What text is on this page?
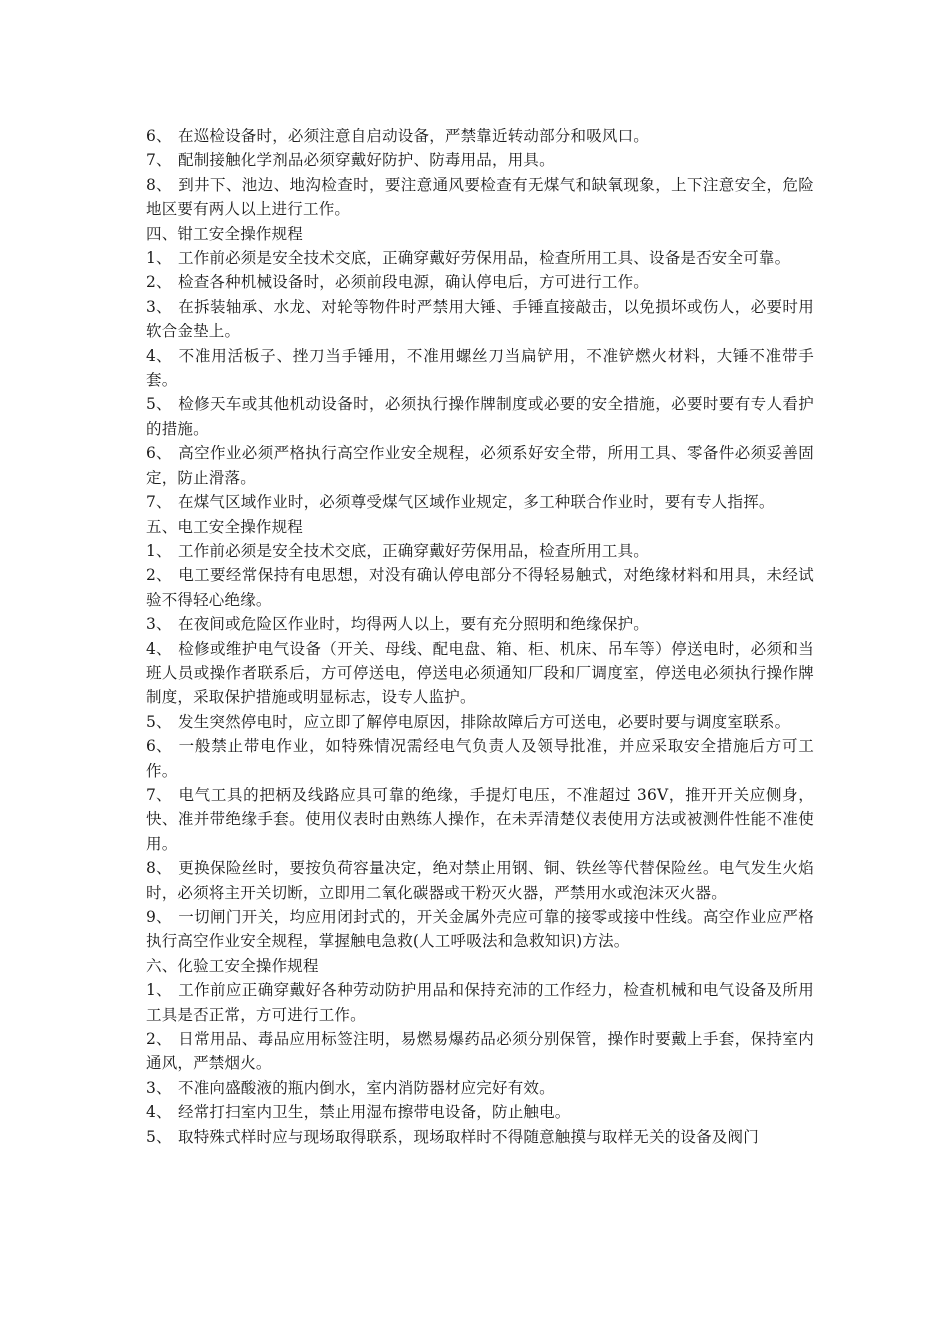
6、 在巡检设备时，必须注意自启动设备，严禁靠近转动部分和吸风口。
7、 配制接触化学剂品必须穿戴好防护、防毒用品，用具。
8、 到井下、池边、地沟检查时，要注意通风要检查有无煤气和缺氧现象，上下注意安全，危险地区要有两人以上进行工作。
四、钳工安全操作规程
1、 工作前必须是安全技术交底，正确穿戴好劳保用品，检查所用工具、设备是否安全可靠。
2、 检查各种机械设备时，必须前段电源，确认停电后，方可进行工作。
3、 在拆装轴承、水龙、对轮等物件时严禁用大锤、手锤直接敲击，以免损坏或伤人，必要时用软合金垫上。
4、 不准用活板子、挫刀当手锤用，不准用螺丝刀当扁铲用，不准铲燃火材料，大锤不准带手套。
5、 检修天车或其他机动设备时，必须执行操作牌制度或必要的安全措施，必要时要有专人看护的措施。
6、 高空作业必须严格执行高空作业安全规程，必须系好安全带，所用工具、零备件必须妥善固定，防止滑落。
7、 在煤气区域作业时，必须尊受煤气区域作业规定，多工种联合作业时，要有专人指挥。
五、电工安全操作规程
1、 工作前必须是安全技术交底，正确穿戴好劳保用品，检查所用工具。
2、 电工要经常保持有电思想，对没有确认停电部分不得轻易触式，对绝缘材料和用具，未经试验不得轻心绝缘。
3、 在夜间或危险区作业时，均得两人以上，要有充分照明和绝缘保护。
4、 检修或维护电气设备（开关、母线、配电盘、箱、柜、机床、吊车等）停送电时，必须和当班人员或操作者联系后，方可停送电，停送电必须通知厂段和厂调度室，停送电必须执行操作牌制度，采取保护措施或明显标志，设专人监护。
5、 发生突然停电时，应立即了解停电原因，排除故障后方可送电，必要时要与调度室联系。
6、 一般禁止带电作业，如特殊情况需经电气负责人及领导批准，并应采取安全措施后方可工作。
7、 电气工具的把柄及线路应具可靠的绝缘，手提灯电压，不准超过 36V，推开开关应侧身，快、准并带绝缘手套。使用仪表时由熟练人操作，在未弄清楚仪表使用方法或被测件性能不准使用。
8、 更换保险丝时，要按负荷容量决定，绝对禁止用钢、铜、铁丝等代替保险丝。电气发生火焰时，必须将主开关切断，立即用二氧化碳器或干粉灭火器，严禁用水或泡沫灭火器。
9、 一切闸门开关，均应用闭封式的，开关金属外壳应可靠的接零或接中性线。高空作业应严格执行高空作业安全规程，掌握触电急救(人工呼吸法和急救知识)方法。
六、化验工安全操作规程
1、 工作前应正确穿戴好各种劳动防护用品和保持充沛的工作经力，检查机械和电气设备及所用工具是否正常，方可进行工作。
2、 日常用品、毒品应用标签注明，易燃易爆药品必须分别保管，操作时要戴上手套，保持室内通风，严禁烟火。
3、 不准向盛酸液的瓶内倒水，室内消防器材应完好有效。
4、 经常打扫室内卫生，禁止用湿布擦带电设备，防止触电。
5、 取特殊式样时应与现场取得联系，现场取样时不得随意触摸与取样无关的设备及阀门
